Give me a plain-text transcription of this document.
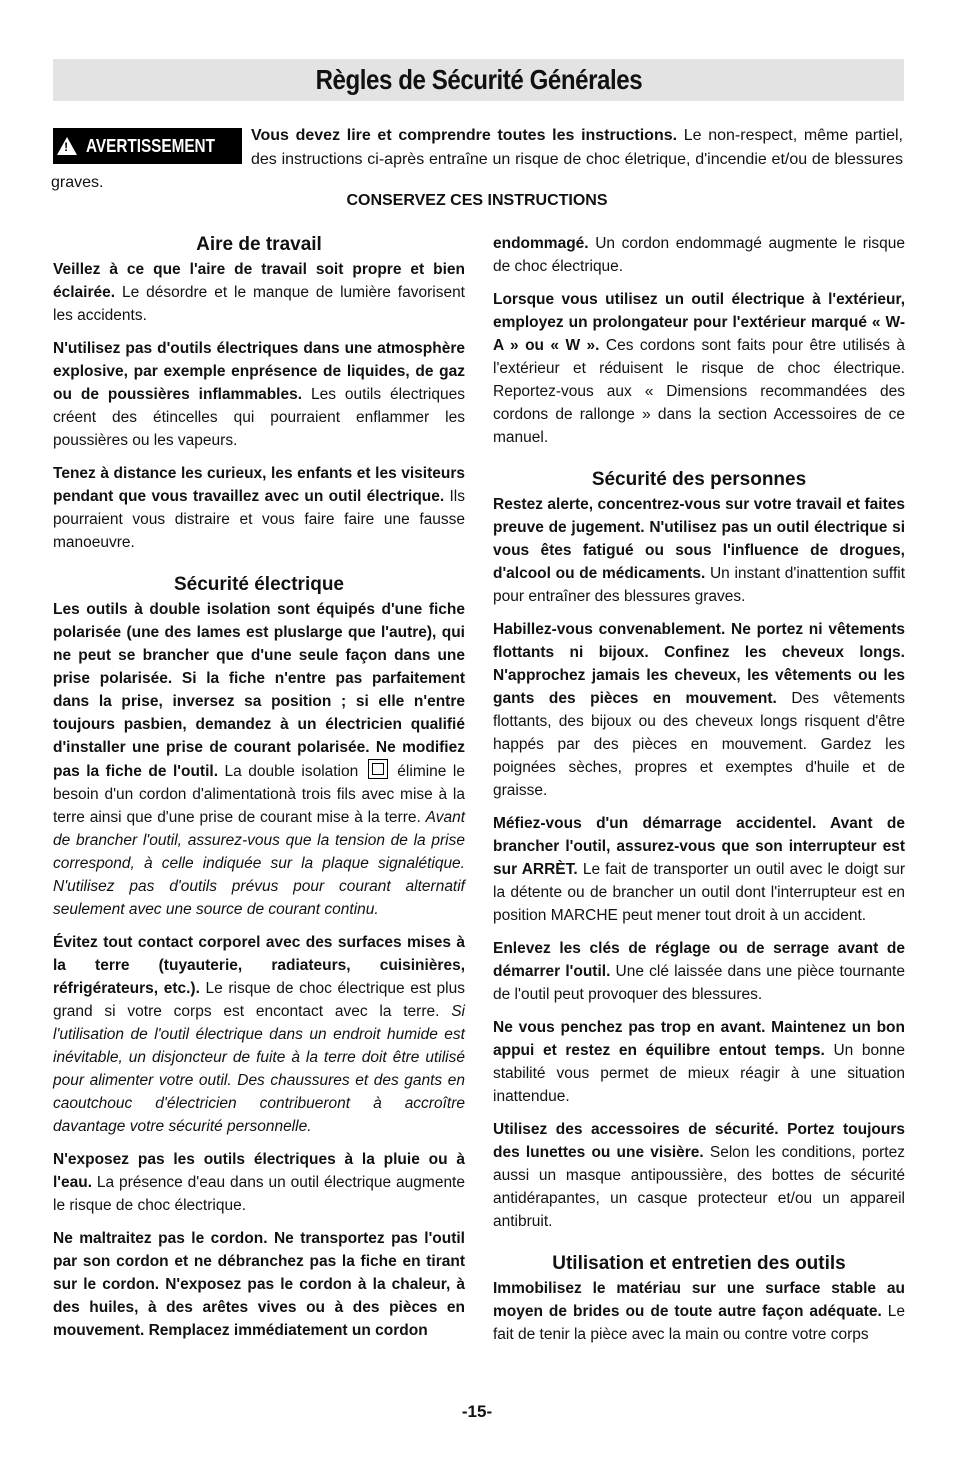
Règles de Sécurité Générales

Vous devez lire et comprendre toutes les instructions. Le non-respect, même partiel, des instructions ci-après entraîne un risque de choc életrique, d'incendie et/ou de blessures graves.

! AVERTISSEMENT
CONSERVEZ CES INSTRUCTIONS
Aire de travail

Veillez à ce que l'aire de travail soit propre et bien éclairée. Le désordre et le manque de lumière favorisent les accidents.

N'utilisez pas d'outils électriques dans une atmosphère explosive, par exemple enprésence de liquides, de gaz ou de poussières inflammables. Les outils électriques créent des étincelles qui pourraient enflammer les poussières ou les vapeurs.

Tenez à distance les curieux, les enfants et les visiteurs pendant que vous travaillez avec un outil électrique. Ils pourraient vous distraire et vous faire faire une fausse manoeuvre.

Sécurité électrique

Les outils à double isolation sont équipés d'une fiche polarisée (une des lames est pluslarge que l'autre), qui ne peut se brancher que d'une seule façon dans une prise polarisée. Si la fiche n'entre pas parfaitement dans la prise, inversez sa position ; si elle n'entre toujours pasbien, demandez à un électricien qualifié d'installer une prise de courant polarisée. Ne modifiez pas la fiche de l'outil. La double isolation  élimine le besoin d'un cordon d'alimentationà trois fils avec mise à la terre ainsi que d'une prise de courant mise à la terre. Avant de brancher l'outil, assurez-vous que la tension de la prise correspond, à celle indiquée sur la plaque signalétique. N'utilisez pas d'outils prévus pour courant alternatif seulement avec une source de courant continu.

Évitez tout contact corporel avec des surfaces mises à la terre (tuyauterie, radiateurs, cuisinières, réfrigérateurs, etc.). Le risque de choc électrique est plus grand si votre corps est encontact avec la terre. Si l'utilisation de l'outil électrique dans un endroit humide est inévitable, un disjoncteur de fuite à la terre doit être utilisé pour alimenter votre outil. Des chaussures et des gants en caoutchouc d'électricien contribueront à accroître davantage votre sécurité personnelle.

N'exposez pas les outils électriques à la pluie ou à l'eau. La présence d'eau dans un outil électrique augmente le risque de choc électrique.

Ne maltraitez pas le cordon. Ne transportez pas l'outil par son cordon et ne débranchez pas la fiche en tirant sur le cordon. N'exposez pas le cordon à la chaleur, à des huiles, à des arêtes vives ou à des pièces en mouvement. Remplacez immédiatement un cordon

endommagé. Un cordon endommagé augmente le risque de choc électrique.

Lorsque vous utilisez un outil électrique à l'extérieur, employez un prolongateur pour l'extérieur marqué « W-A » ou « W ». Ces cordons sont faits pour être utilisés à l'extérieur et réduisent le risque de choc électrique. Reportez-vous aux « Dimensions recommandées des cordons de rallonge » dans la section Accessoires de ce manuel.

Sécurité des personnes

Restez alerte, concentrez-vous sur votre travail et faites preuve de jugement. N'utilisez pas un outil électrique si vous êtes fatigué ou sous l'influence de drogues, d'alcool ou de médicaments. Un instant d'inattention suffit pour entraîner des blessures graves.

Habillez-vous convenablement. Ne portez ni vêtements flottants ni bijoux. Confinez les cheveux longs. N'approchez jamais les cheveux, les vêtements ou les gants des pièces en mouvement. Des vêtements flottants, des bijoux ou des cheveux longs risquent d'être happés par des pièces en mouvement. Gardez les poignées sèches, propres et exemptes d'huile et de graisse.

Méfiez-vous d'un démarrage accidentel. Avant de brancher l'outil, assurez-vous que son interrupteur est sur ARRÈT. Le fait de transporter un outil avec le doigt sur la détente ou de brancher un outil dont l'interrupteur est en position MARCHE peut mener tout droit à un accident.

Enlevez les clés de réglage ou de serrage avant de démarrer l'outil. Une clé laissée dans une pièce tournante de l'outil peut provoquer des blessures.

Ne vous penchez pas trop en avant. Maintenez un bon appui et restez en équilibre entout temps. Un bonne stabilité vous permet de mieux réagir à une situation inattendue.

Utilisez des accessoires de sécurité. Portez toujours des lunettes ou une visière. Selon les conditions, portez aussi un masque antipoussière, des bottes de sécurité antidérapantes, un casque protecteur et/ou un appareil antibruit.

Utilisation et entretien des outils

Immobilisez le matériau sur une surface stable au moyen de brides ou de toute autre façon adéquate. Le fait de tenir la pièce avec la main ou contre votre corps

-15-
